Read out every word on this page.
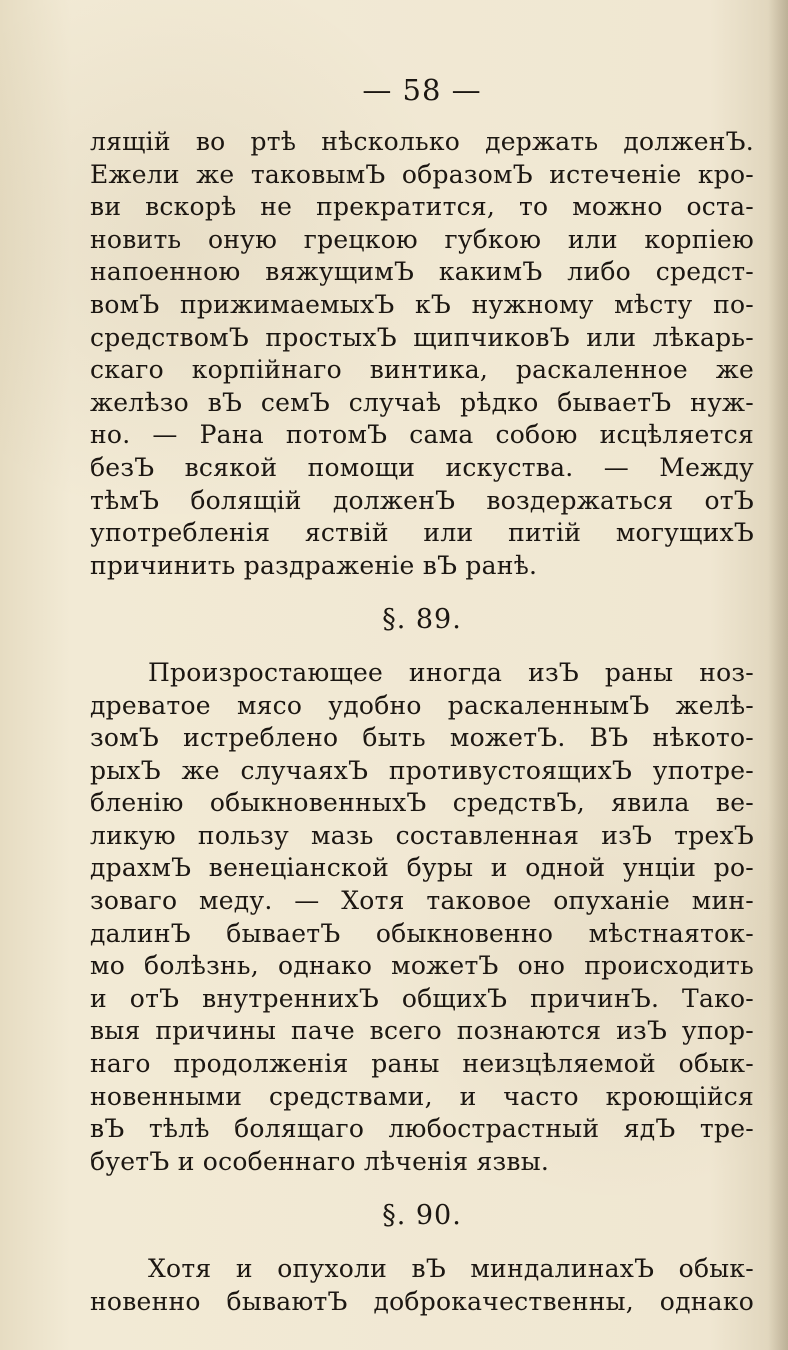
— 58 —
лящій во ртѣ нѣсколько держать долженЪ.
Ежели же таковымЪ образомЪ истеченіе кро-
ви вскорѣ не прекратится, то можно оста-
новить оную грецкою губкою или корпіею
напоенною вяжущимЪ какимЪ либо средст-
вомЪ прижимаемыхЪ кЪ нужному мѣсту по-
средствомЪ простыхЪ щипчиковЪ или лѣкарь-
скаго корпійнаго винтика, раскаленное же
желѣзо вЪ семЪ случаѣ рѣдко бываетЪ нуж-
но. — Рана потомЪ сама собою исцѣляется
безЪ всякой помощи искуства. — Между
тѣмЪ болящій долженЪ воздержаться отЪ
употребленія яствій или питій могущихЪ
причинить раздраженіе вЪ ранѣ.
§. 89.
Произростающее иногда изЪ раны ноз-
древатое мясо удобно раскаленнымЪ желѣ-
зомЪ истреблено быть можетЪ. ВЪ нѣкото-
рыхЪ же случаяхЪ противустоящихЪ употре-
бленію обыкновенныхЪ средствЪ, явила ве-
ликую пользу мазь составленная изЪ трехЪ
драхмЪ венеціанской буры и одной унціи ро-
зоваго меду. — Хотя таковое опуханіе мин-
далинЪ бываетЪ обыкновенно мѣстнаяток-
мо болѣзнь, однако можетЪ оно происходить
и отЪ внутреннихЪ общихЪ причинЪ. Тако-
выя причины паче всего познаются изЪ упор-
наго продолженія раны неизцѣляемой обык-
новенными средствами, и часто кроющійся
вЪ тѣлѣ болящаго любострастный ядЪ тре-
буетЪ и особеннаго лѣченія язвы.
§. 90.
Хотя и опухоли вЪ миндалинахЪ обык-
новенно бываютЪ доброкачественны, однако
